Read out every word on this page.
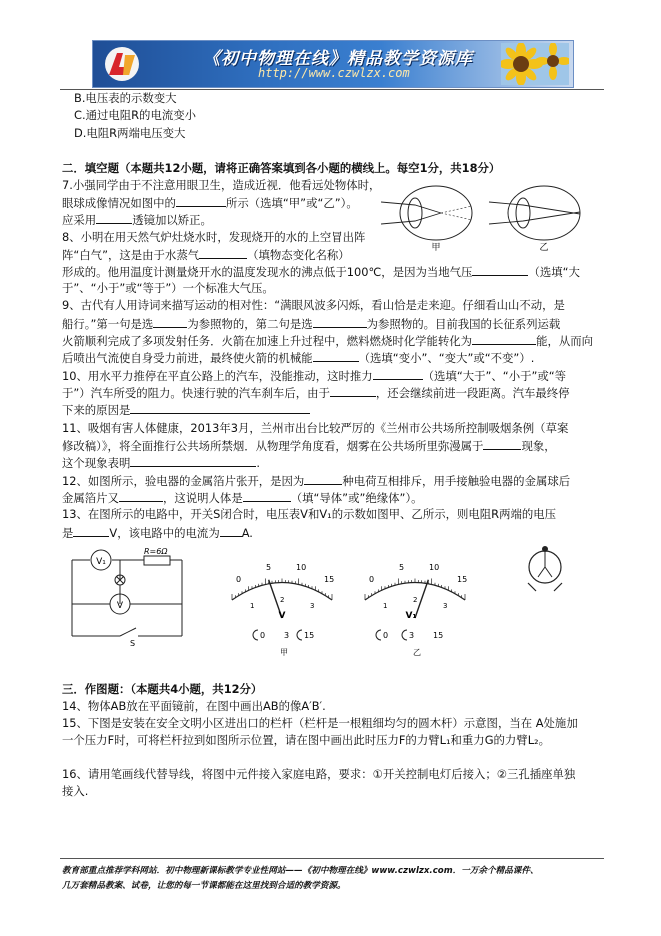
《初中物理在线》精品教学资源库
http://www.czwlzx.com
B.电压表的示数变大
C.通过电阻R的电流变小
D.电阻R两端电压变大
二．填空题（本题共12小题，请将正确答案填到各小题的横线上。每空1分，共18分）
7.小强同学由于不注意用眼卫生，造成近视．他看远处物体时，
眼球成像情况如图中的	所示（选填“甲”或“乙”）。
应采用	透镜加以矫正。
甲	乙
8、小明在用天然气炉灶烧水时，发现烧开的水的上空冒出阵
阵“白气”，这是由于水蒸气	（填物态变化名称）
形成的。他用温度计测量烧开水的温度发现水的沸点低于100℃，是因为当地气压	（选填“大
于”、“小于”或“等于”）一个标准大气压。
9、古代有人用诗词来描写运动的相对性：“满眼风波多闪烁，看山恰是走来迎。仔细看山山不动，是
船行。”第一句是选	为参照物的，第二句是选	为参照物的。目前我国的长征系列运载
火箭顺利完成了多项发射任务．火箭在加速上升过程中，燃料燃烧时化学能转化为	能，从而向
后喷出气流使自身受力前进，最终使火箭的机械能	（选填“变小”、“变大”或“不变”）.
10、用水平力推停在平直公路上的汽车，没能推动，这时推力	（选填“大于”、“小于”或“等
于”）汽车所受的阻力。快速行驶的汽车刹车后，由于	，还会继续前进一段距离。汽车最终停
下来的原因是
11、吸烟有害人体健康，2013年3月，兰州市出台比较严厉的《兰州市公共场所控制吸烟条例（草案
修改稿）》，将全面推行公共场所禁烟．从物理学角度看，烟雾在公共场所里弥漫属于	现象，
这个现象表明	.
12、如图所示，验电器的金属箔片张开，是因为	种电荷互相排斥，用手接触验电器的金属球后
金属箔片又	，这说明人体是	（填“导体”或”绝缘体”）。
13、在图所示的电路中，开关S闭合时，电压表V和V₁的示数如图甲、乙所示，则电阻R两端的电压
是	V，该电路中的电流为 A.
V₁
V
R=6Ω
S
0
5	10
15
1
2
3
V
0 3 15
甲
0
5	10
15
1
2
3
V₁
0	3 15
乙
三．作图题：（本题共4小题，共12分）
14、物体AB放在平面镜前，在图中画出AB的像A′B′.
15、下图是安装在安全文明小区进出口的栏杆（栏杆是一根粗细均匀的圆木杆）示意图，当在 A处施加
一个压力F时，可将栏杆拉到如图所示位置，请在图中画出此时压力F的力臂L₁和重力G的力臂L₂。
16、请用笔画线代替导线，将图中元件接入家庭电路，要求：①开关控制电灯后接入；②三孔插座单独
接入.
教育部重点推荐学科网站．初中物理新课标教学专业性网站——《初中物理在线》www.czwlzx.com．一万余个精品课件、
几万套精品教案、试卷，让您的每一节课都能在这里找到合适的教学资源。
